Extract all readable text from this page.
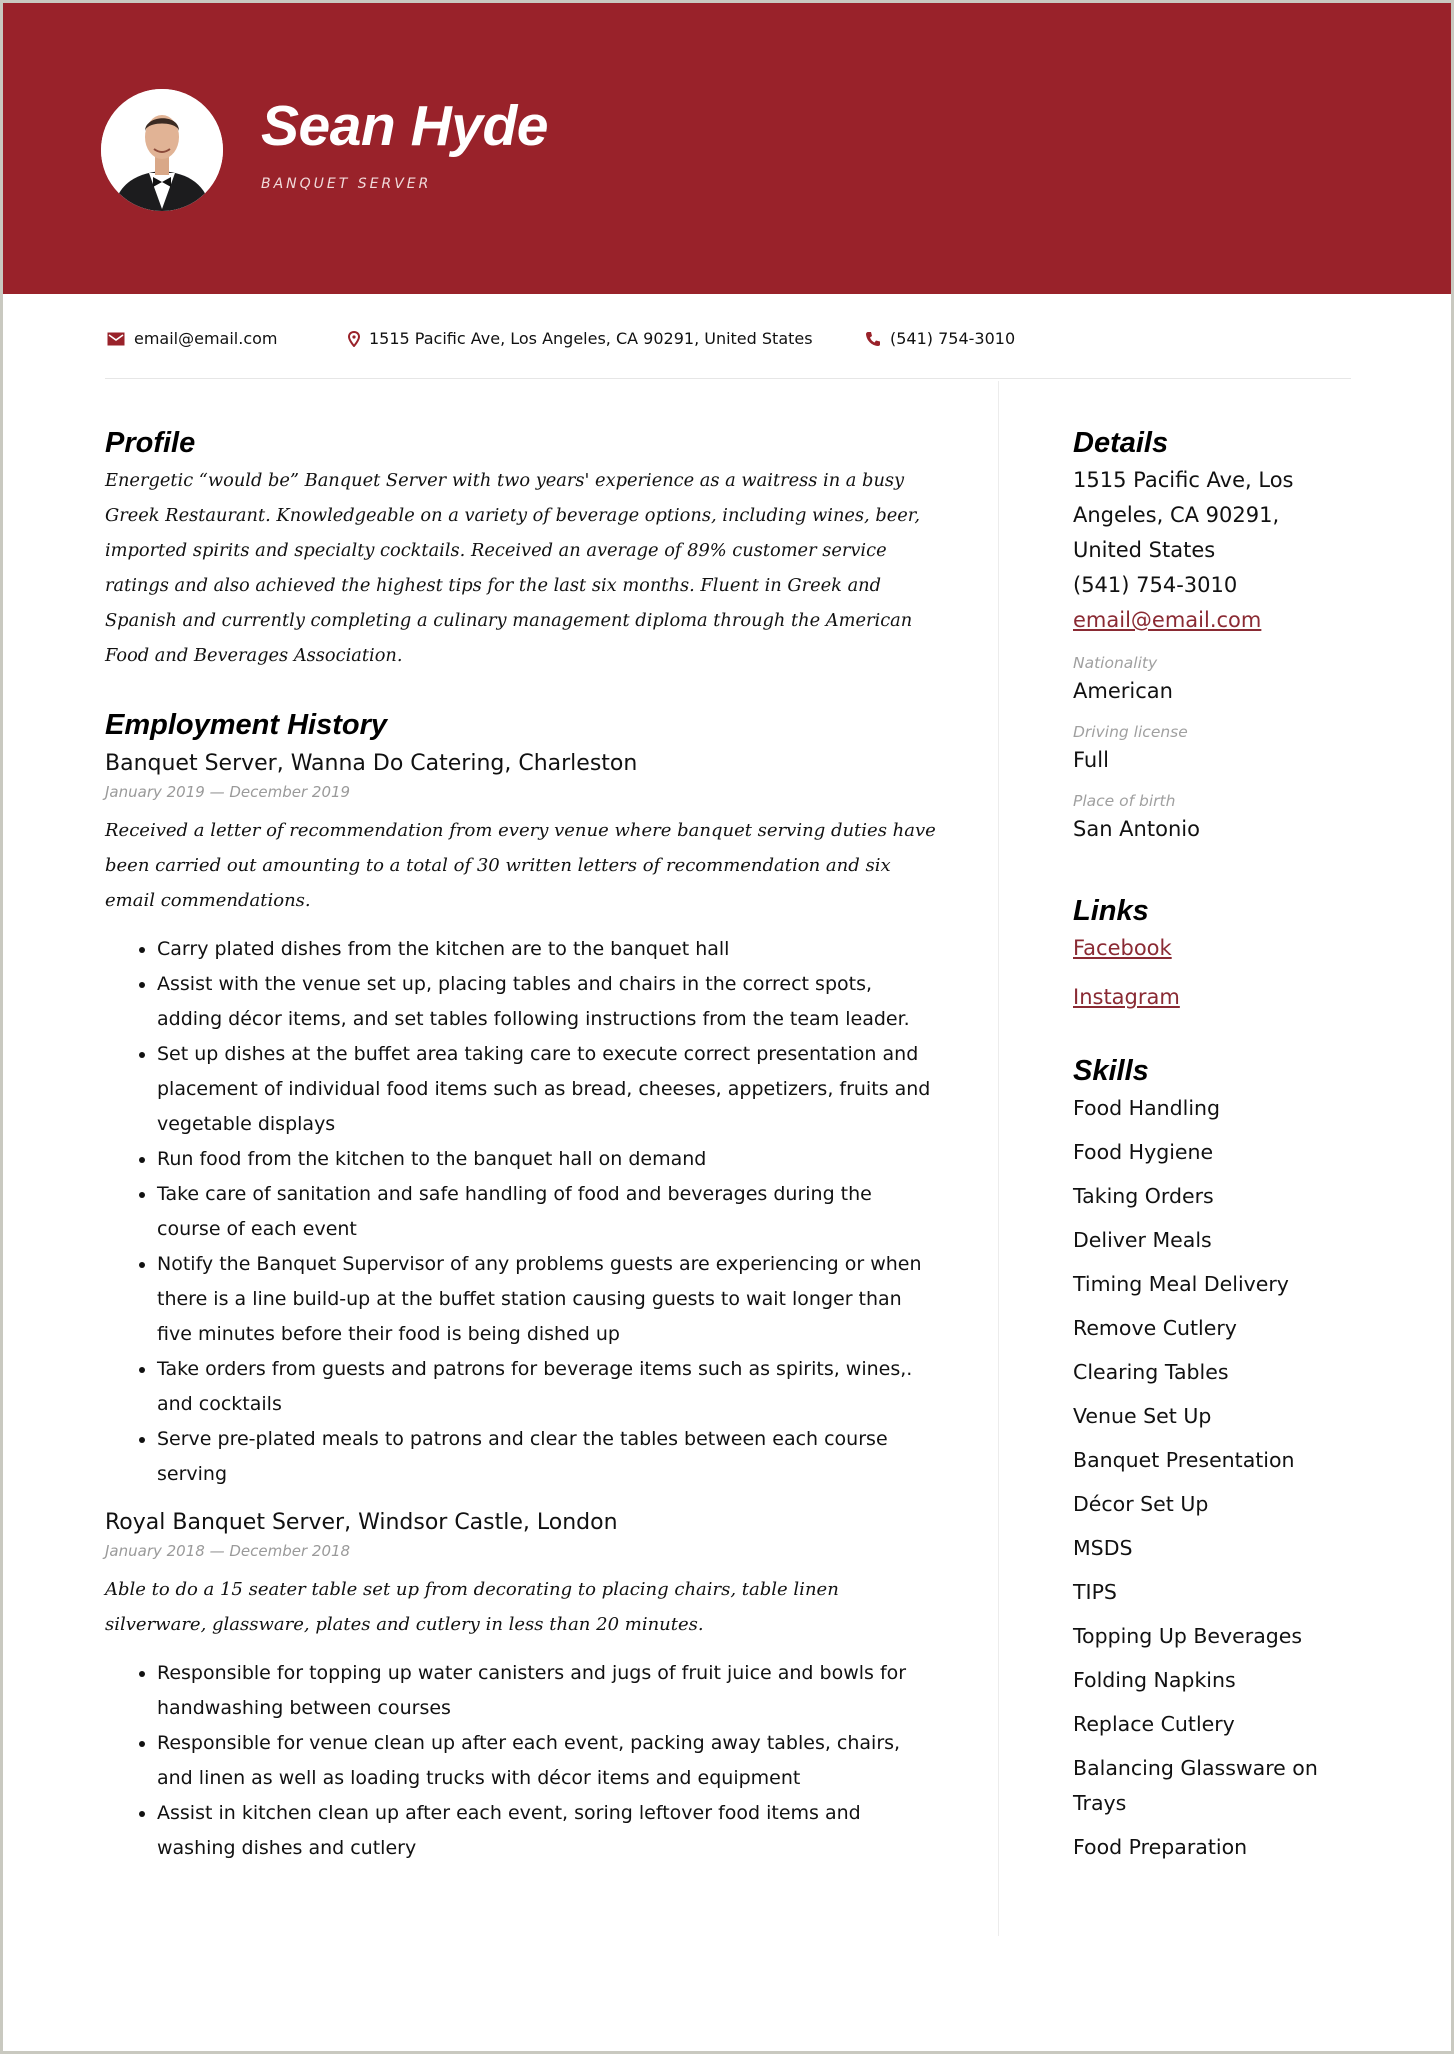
Sean Hyde
BANQUET SERVER
email@email.com	1515 Pacific Ave, Los Angeles, CA 90291, United States	(541) 754-3010
Profile

Energetic “would be” Banquet Server with two years' experience as a waitress in a busy Greek Restaurant. Knowledgeable on a variety of beverage options, including wines, beer, imported spirits and specialty cocktails. Received an average of 89% customer service ratings and also achieved the highest tips for the last six months. Fluent in Greek and Spanish and currently completing a culinary management diploma through the American Food and Beverages Association.

Employment History

Banquet Server, Wanna Do Catering, Charleston

January 2019 — December 2019

Received a letter of recommendation from every venue where banquet serving duties have been carried out amounting to a total of 30 written letters of recommendation and six email commendations.

• Carry plated dishes from the kitchen are to the banquet hall
• Assist with the venue set up, placing tables and chairs in the correct spots, adding décor items, and set tables following instructions from the team leader.
• Set up dishes at the buffet area taking care to execute correct presentation and placement of individual food items such as bread, cheeses, appetizers, fruits and vegetable displays
• Run food from the kitchen to the banquet hall on demand
• Take care of sanitation and safe handling of food and beverages during the course of each event
• Notify the Banquet Supervisor of any problems guests are experiencing or when there is a line build-up at the buffet station causing guests to wait longer than five minutes before their food is being dished up
• Take orders from guests and patrons for beverage items such as spirits, wines,. and cocktails
• Serve pre-plated meals to patrons and clear the tables between each course serving

Royal Banquet Server, Windsor Castle, London

January 2018 — December 2018

Able to do a 15 seater table set up from decorating to placing chairs, table linen silverware, glassware, plates and cutlery in less than 20 minutes.

• Responsible for topping up water canisters and jugs of fruit juice and bowls for handwashing between courses
• Responsible for venue clean up after each event, packing away tables, chairs, and linen as well as loading trucks with décor items and equipment
• Assist in kitchen clean up after each event, soring leftover food items and washing dishes and cutlery
Details

1515 Pacific Ave, Los Angeles, CA 90291, United States

(541) 754-3010

email@email.com

Nationality

American

Driving license

Full

Place of birth

San Antonio

Links

Facebook

Instagram

Skills
Food Handling
Food Hygiene
Taking Orders
Deliver Meals
Timing Meal Delivery
Remove Cutlery
Clearing Tables
Venue Set Up
Banquet Presentation
Décor Set Up
MSDS
TIPS
Topping Up Beverages
Folding Napkins
Replace Cutlery
Balancing Glassware on Trays
Food Preparation
